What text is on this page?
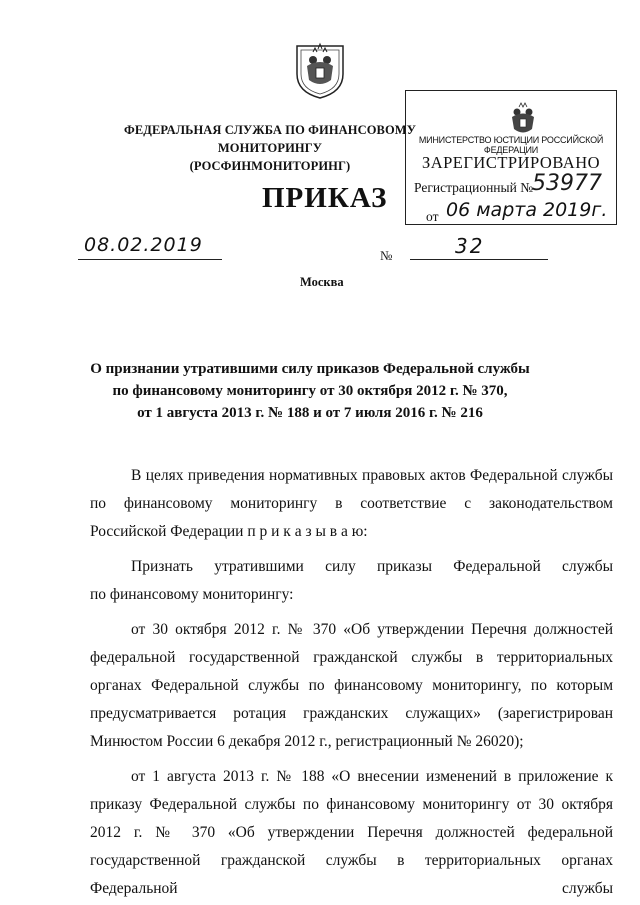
ФЕДЕРАЛЬНАЯ СЛУЖБА ПО ФИНАНСОВОМУ МОНИТОРИНГУ
(РОСФИНМОНИТОРИНГ)
ПРИКАЗ
МИНИСТЕРСТВО ЮСТИЦИИ РОССИЙСКОЙ ФЕДЕРАЦИИ
ЗАРЕГИСТРИРОВАНО
Регистрационный №
53977
от 06 марта 2019г.
08.02.2019	№	32
Москва
О признании утратившими силу приказов Федеральной службы
по финансовому мониторингу от 30 октября 2012 г. № 370,
от 1 августа 2013 г. № 188 и от 7 июля 2016 г. № 216

В целях приведения нормативных правовых актов Федеральной службы

по финансовому мониторингу в соответствие с законодательством

Российской Федерации п р и к а з ы в а ю:

Признать утратившими силу приказы Федеральной службы

по финансовому мониторингу:

от 30 октября 2012 г. № 370 «Об утверждении Перечня должностей федеральной государственной гражданской службы в территориальных органах Федеральной службы по финансовому мониторингу, по которым предусматривается ротация гражданских служащих» (зарегистрирован Минюстом России 6 декабря 2012 г., регистрационный № 26020);

от 1 августа 2013 г. № 188 «О внесении изменений в приложение к приказу Федеральной службы по финансовому мониторингу от 30 октября 2012 г. № 370 «Об утверждении Перечня должностей федеральной государственной гражданской службы в территориальных органах Федеральной службы
